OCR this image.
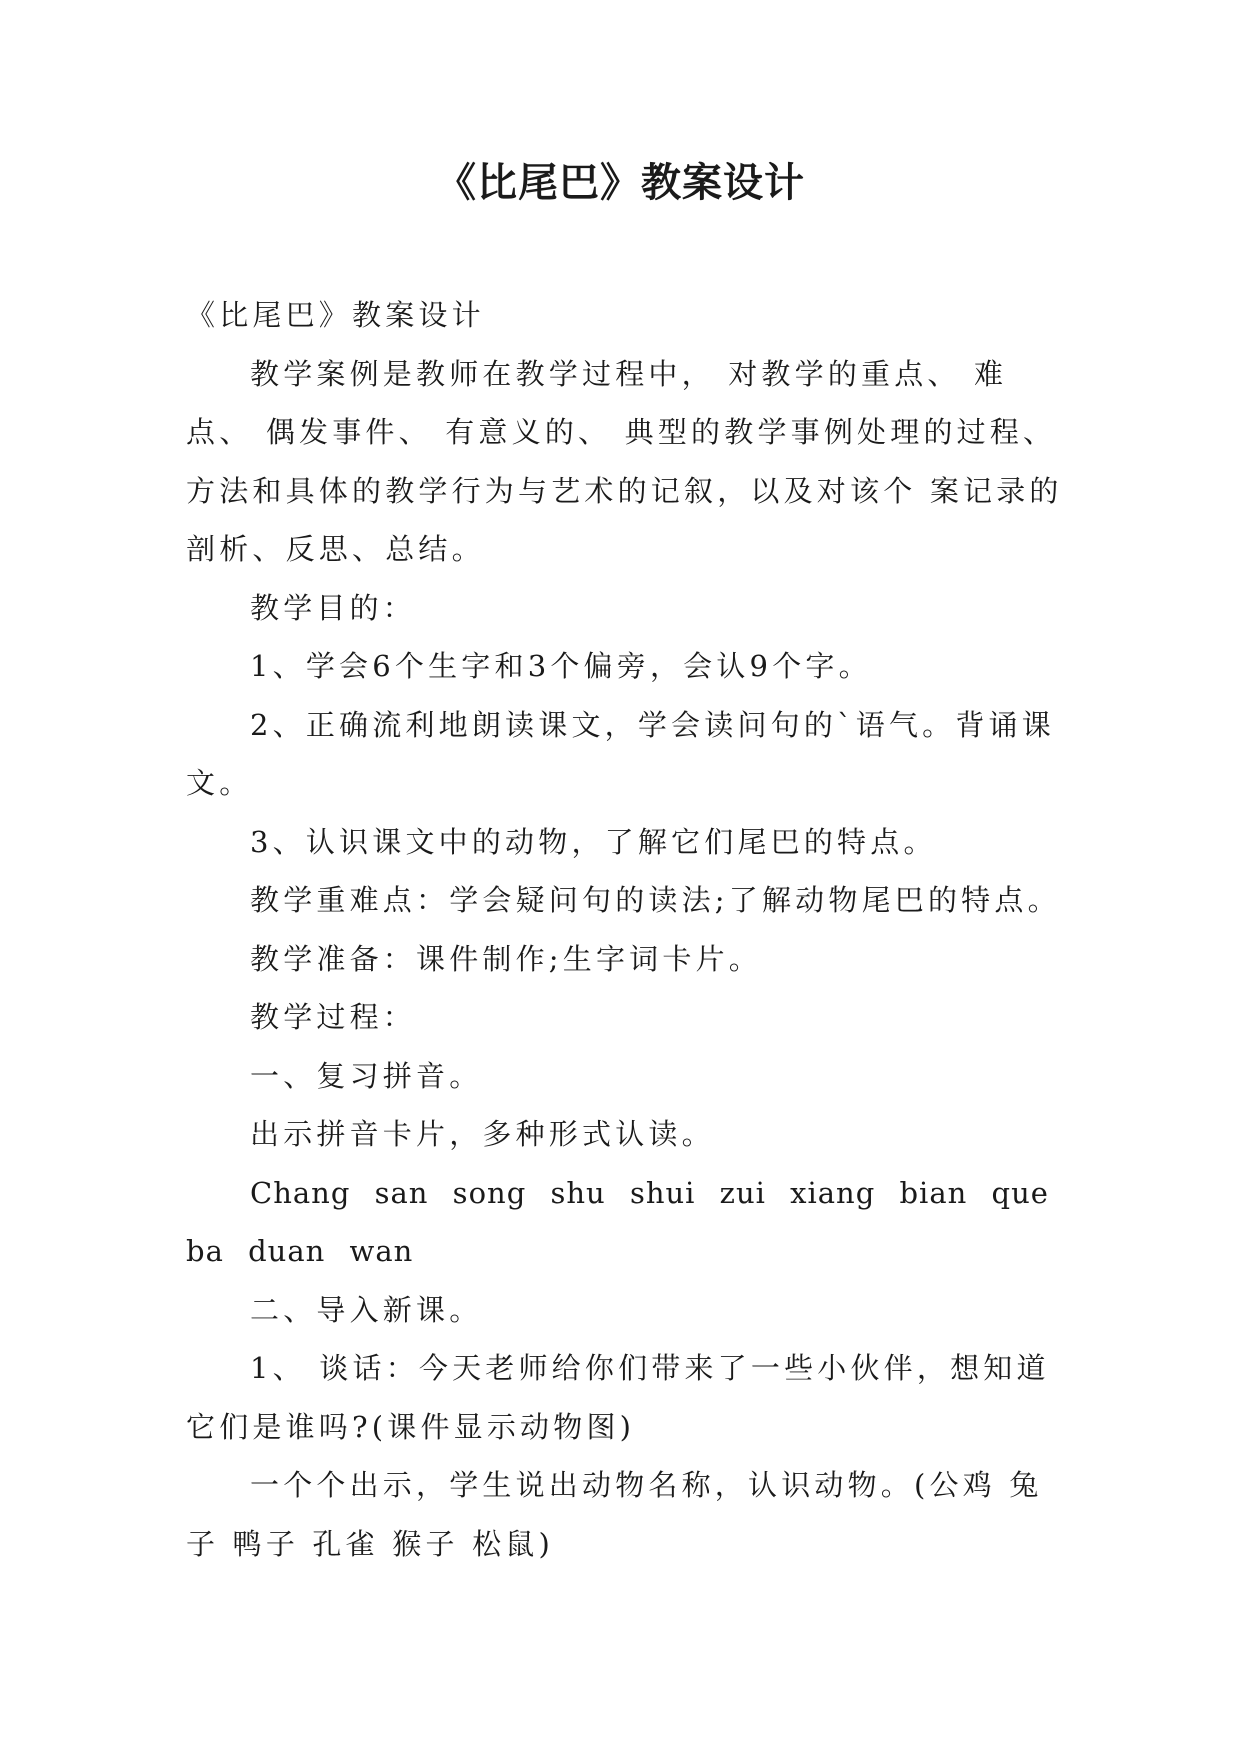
《比尾巴》教案设计

《比尾巴》教案设计

教学案例是教师在教学过程中， 对教学的重点、 难点、 偶发事件、 有意义的、 典型的教学事例处理的过程、方法和具体的教学行为与艺术的记叙，以及对该个 案记录的剖析、反思、总结。

教学目的：

1、学会6个生字和3个偏旁，会认9个字。

2、正确流利地朗读课文，学会读问句的`语气。背诵课文。

3、认识课文中的动物，了解它们尾巴的特点。

教学重难点：学会疑问句的读法;了解动物尾巴的特点。

教学准备：课件制作;生字词卡片。

教学过程：

一、复习拼音。

出示拼音卡片，多种形式认读。

Chang san song shu shui zui xiang bian que ba duan wan

二、导入新课。

1、 谈话：今天老师给你们带来了一些小伙伴，想知道它们是谁吗?(课件显示动物图)

一个个出示，学生说出动物名称，认识动物。(公鸡 兔子 鸭子 孔雀 猴子 松鼠)
